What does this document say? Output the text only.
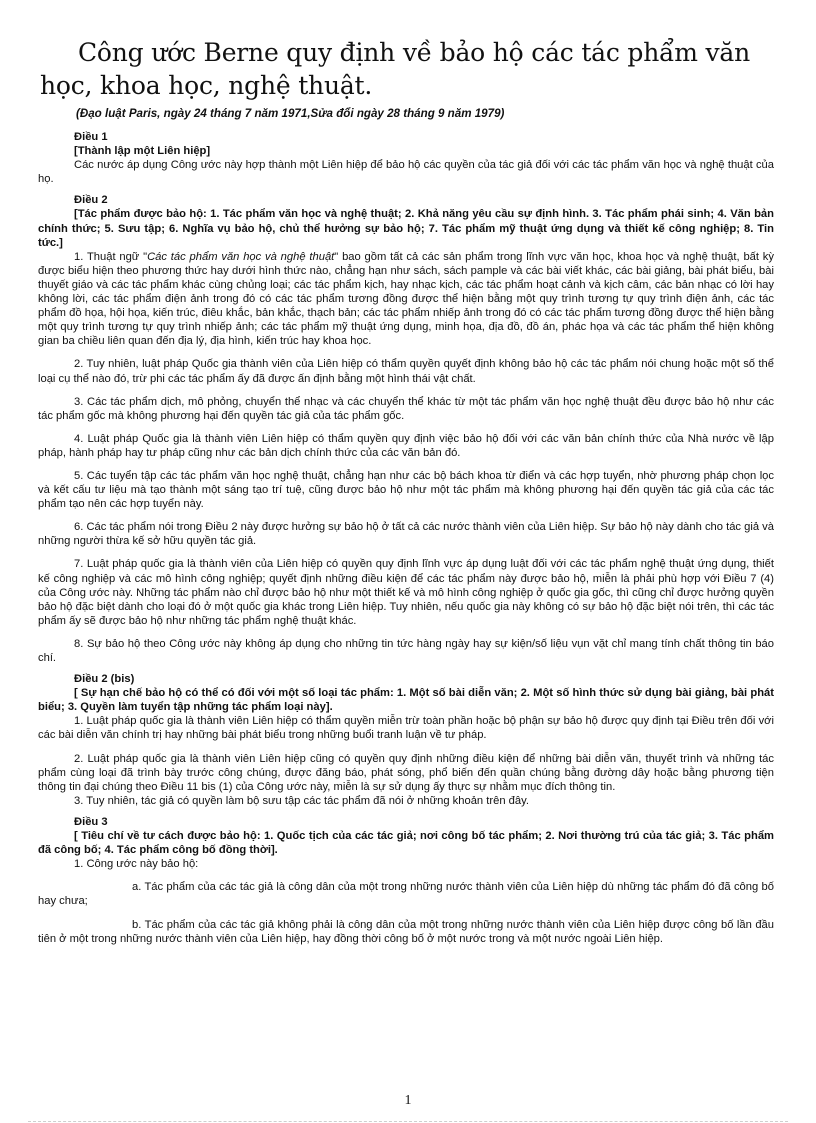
Công ước Berne quy định về bảo hộ các tác phẩm văn học, khoa học, nghệ thuật.
(Đạo luật Paris, ngày 24 tháng 7 năm 1971,Sửa đổi ngày 28 tháng 9 năm 1979)

Điều 1

[Thành lập một Liên hiệp]

Các nước áp dụng Công ước này hợp thành một Liên hiệp để bảo hộ các quyền của tác giả đối với các tác phẩm văn học và nghệ thuật của họ.

Điều 2

[Tác phẩm được bảo hộ: 1. Tác phẩm văn học và nghệ thuật; 2. Khả năng yêu cầu sự định hình. 3. Tác phẩm phái sinh; 4. Văn bản chính thức; 5. Sưu tập; 6. Nghĩa vụ bảo hộ, chủ thể hưởng sự bảo hộ; 7. Tác phẩm mỹ thuật ứng dụng và thiết kế công nghiệp; 8. Tin tức.]

1. Thuật ngữ "Các tác phẩm văn học và nghệ thuật" bao gồm tất cả các sản phẩm trong lĩnh vực văn học, khoa học và nghệ thuật, bất kỳ được biểu hiện theo phương thức hay dưới hình thức nào, chẳng hạn như sách, sách pample và các bài viết khác, các bài giảng, bài phát biểu, bài thuyết giáo và các tác phẩm khác cùng chủng loại; các tác phẩm kịch, hay nhạc kịch, các tác phẩm hoạt cảnh và kịch câm, các bản nhạc có lời hay không lời, các tác phẩm điện ảnh trong đó có các tác phẩm tương đồng được thể hiện bằng một quy trình tương tự quy trình điện ảnh, các tác phẩm đồ họa, hội họa, kiến trúc, điêu khắc, bản khắc, thạch bản; các tác phẩm nhiếp ảnh trong đó có các tác phẩm tương đồng được thể hiện bằng một quy trình tương tự quy trình nhiếp ảnh; các tác phẩm mỹ thuật ứng dụng, minh họa, địa đồ, đồ án, phác họa và các tác phẩm thể hiện không gian ba chiều liên quan đến địa lý, địa hình, kiến trúc hay khoa học.

2. Tuy nhiên, luật pháp Quốc gia thành viên của Liên hiệp có thẩm quyền quyết định không bảo hộ các tác phẩm nói chung hoặc một số thể loại cụ thể nào đó, trừ phi các tác phẩm ấy đã được ấn định bằng một hình thái vật chất.

3. Các tác phẩm dịch, mô phỏng, chuyển thể nhạc và các chuyển thể khác từ một tác phẩm văn học nghệ thuật đều được bảo hộ như các tác phẩm gốc mà không phương hại đến quyền tác giả của tác phẩm gốc.

4. Luật pháp Quốc gia là thành viên Liên hiệp có thẩm quyền quy định việc bảo hộ đối với các văn bản chính thức của Nhà nước về lập pháp, hành pháp hay tư pháp cũng như các bản dịch chính thức của các văn bản đó.

5. Các tuyển tập các tác phẩm văn học nghệ thuật, chẳng hạn như các bộ bách khoa từ điển và các hợp tuyển, nhờ phương pháp chọn lọc và kết cấu tư liệu mà tạo thành một sáng tạo trí tuệ, cũng được bảo hộ như một tác phẩm mà không phương hại đến quyền tác giả của các tác phẩm tạo nên các hợp tuyển này.

6. Các tác phẩm nói trong Điều 2 này được hưởng sự bảo hộ ở tất cả các nước thành viên của Liên hiệp. Sự bảo hộ này dành cho tác giả và những người thừa kế sở hữu quyền tác giả.

7. Luật pháp quốc gia là thành viên của Liên hiệp có quyền quy định lĩnh vực áp dụng luật đối với các tác phẩm nghệ thuật ứng dụng, thiết kế công nghiệp và các mô hình công nghiệp; quyết định những điều kiện để các tác phẩm này được bảo hộ, miễn là phải phù hợp với Điều 7 (4) của Công ước này. Những tác phẩm nào chỉ được bảo hộ như một thiết kế và mô hình công nghiệp ở quốc gia gốc, thì cũng chỉ được hưởng quyền bảo hộ đặc biệt dành cho loại đó ở một quốc gia khác trong Liên hiệp. Tuy nhiên, nếu quốc gia này không có sự bảo hộ đặc biệt nói trên, thì các tác phẩm ấy sẽ được bảo hộ như những tác phẩm nghệ thuật khác.

8. Sự bảo hộ theo Công ước này không áp dụng cho những tin tức hàng ngày hay sự kiện/số liệu vụn vặt chỉ mang tính chất thông tin báo chí.

Điều 2 (bis)

[ Sự hạn chế bảo hộ có thể có đối với một số loại tác phẩm: 1. Một số bài diễn văn; 2. Một số hình thức sử dụng bài giảng, bài phát biểu; 3. Quyền làm tuyển tập những tác phẩm loại này].

1. Luật pháp quốc gia là thành viên Liên hiệp có thẩm quyền miễn trừ toàn phần hoặc bộ phận sự bảo hộ được quy định tại Điều trên đối với các bài diễn văn chính trị hay những bài phát biểu trong những buổi tranh luận về tư pháp.

2. Luật pháp quốc gia là thành viên Liên hiệp cũng có quyền quy định những điều kiện để những bài diễn văn, thuyết trình và những tác phẩm cùng loại đã trình bày trước công chúng, được đăng báo, phát sóng, phổ biến đến quần chúng bằng đường dây hoặc bằng phương tiện thông tin đại chúng theo Điều 11 bis (1) của Công ước này, miễn là sự sử dụng ấy thực sự nhằm mục đích thông tin.

3. Tuy nhiên, tác giả có quyền làm bộ sưu tập các tác phẩm đã nói ở những khoản trên đây.

Điều 3

[ Tiêu chí về tư cách được bảo hộ: 1. Quốc tịch của các tác giả; nơi công bố tác phẩm; 2. Nơi thường trú của tác giả; 3. Tác phẩm đã công bố; 4. Tác phẩm công bố đồng thời].

1. Công ước này bảo hộ:

a. Tác phẩm của các tác giả là công dân của một trong những nước thành viên của Liên hiệp dù những tác phẩm đó đã công bố hay chưa;

b. Tác phẩm của các tác giả không phải là công dân của một trong những nước thành viên của Liên hiệp được công bố lần đầu tiên ở một trong những nước thành viên của Liên hiệp, hay đồng thời công bố ở một nước trong và một nước ngoài Liên hiệp.

1
